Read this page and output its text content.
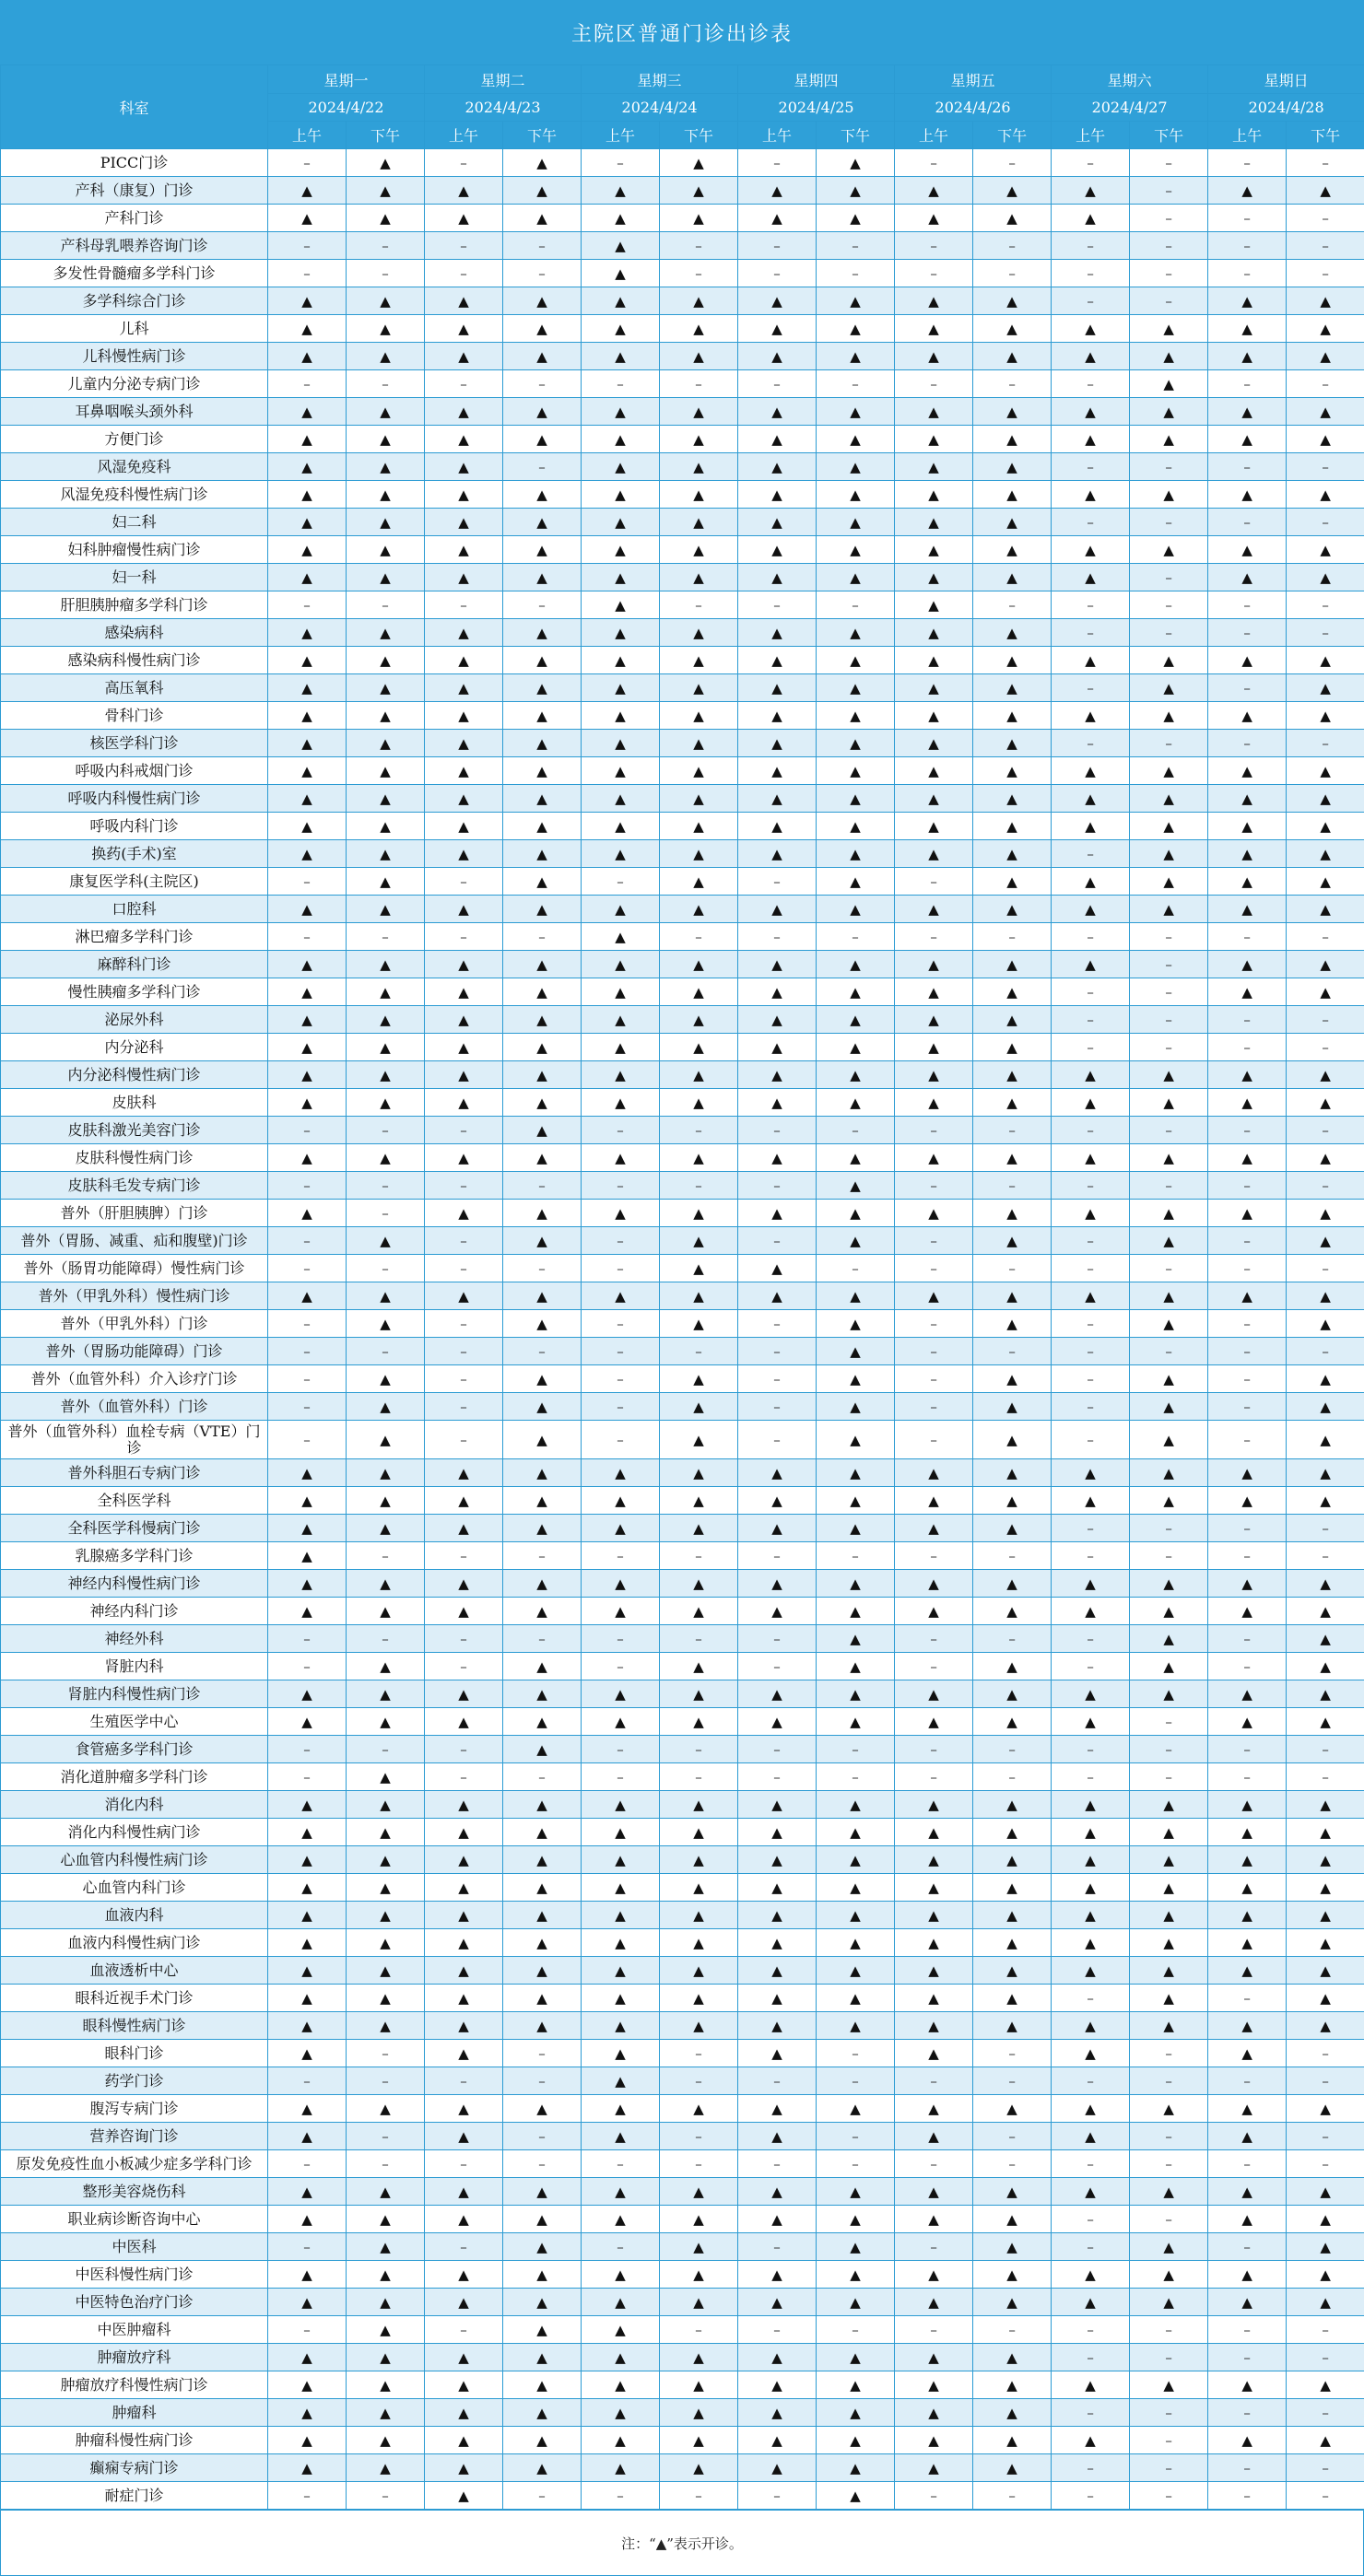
主院区普通门诊出诊表
科室	星期一		星期二		星期三		星期四		星期五		星期六		星期日	
	2024/4/22		2024/4/23		2024/4/24		2024/4/25		2024/4/26		2024/4/27		2024/4/28	
	上午	下午	上午	下午	上午	下午	上午	下午	上午	下午	上午	下午	上午	下午
PICC门诊	–	▲	–	▲	–	▲	–	▲	–	–	–	–	–	–
产科（康复）门诊	▲	▲	▲	▲	▲	▲	▲	▲	▲	▲	▲	–	▲	▲
产科门诊	▲	▲	▲	▲	▲	▲	▲	▲	▲	▲	▲	–	–	–
产科母乳喂养咨询门诊	–	–	–	–	▲	–	–	–	–	–	–	–	–	–
多发性骨髓瘤多学科门诊	–	–	–	–	▲	–	–	–	–	–	–	–	–	–
多学科综合门诊	▲	▲	▲	▲	▲	▲	▲	▲	▲	▲	–	–	▲	▲
儿科	▲	▲	▲	▲	▲	▲	▲	▲	▲	▲	▲	▲	▲	▲
儿科慢性病门诊	▲	▲	▲	▲	▲	▲	▲	▲	▲	▲	▲	▲	▲	▲
儿童内分泌专病门诊	–	–	–	–	–	–	–	–	–	–	–	▲	–	–
耳鼻咽喉头颈外科	▲	▲	▲	▲	▲	▲	▲	▲	▲	▲	▲	▲	▲	▲
方便门诊	▲	▲	▲	▲	▲	▲	▲	▲	▲	▲	▲	▲	▲	▲
风湿免疫科	▲	▲	▲	–	▲	▲	▲	▲	▲	▲	–	–	–	–
风湿免疫科慢性病门诊	▲	▲	▲	▲	▲	▲	▲	▲	▲	▲	▲	▲	▲	▲
妇二科	▲	▲	▲	▲	▲	▲	▲	▲	▲	▲	–	–	–	–
妇科肿瘤慢性病门诊	▲	▲	▲	▲	▲	▲	▲	▲	▲	▲	▲	▲	▲	▲
妇一科	▲	▲	▲	▲	▲	▲	▲	▲	▲	▲	▲	–	▲	▲
肝胆胰肿瘤多学科门诊	–	–	–	–	▲	–	–	–	▲	–	–	–	–	–
感染病科	▲	▲	▲	▲	▲	▲	▲	▲	▲	▲	–	–	–	–
感染病科慢性病门诊	▲	▲	▲	▲	▲	▲	▲	▲	▲	▲	▲	▲	▲	▲
高压氧科	▲	▲	▲	▲	▲	▲	▲	▲	▲	▲	–	▲	–	▲
骨科门诊	▲	▲	▲	▲	▲	▲	▲	▲	▲	▲	▲	▲	▲	▲
核医学科门诊	▲	▲	▲	▲	▲	▲	▲	▲	▲	▲	–	–	–	–
呼吸内科戒烟门诊	▲	▲	▲	▲	▲	▲	▲	▲	▲	▲	▲	▲	▲	▲
呼吸内科慢性病门诊	▲	▲	▲	▲	▲	▲	▲	▲	▲	▲	▲	▲	▲	▲
呼吸内科门诊	▲	▲	▲	▲	▲	▲	▲	▲	▲	▲	▲	▲	▲	▲
换药(手术)室	▲	▲	▲	▲	▲	▲	▲	▲	▲	▲	–	▲	▲	▲
康复医学科(主院区)	–	▲	–	▲	–	▲	–	▲	–	▲	▲	▲	▲	▲
口腔科	▲	▲	▲	▲	▲	▲	▲	▲	▲	▲	▲	▲	▲	▲
淋巴瘤多学科门诊	–	–	–	–	▲	–	–	–	–	–	–	–	–	–
麻醉科门诊	▲	▲	▲	▲	▲	▲	▲	▲	▲	▲	▲	–	▲	▲
慢性胰瘤多学科门诊	▲	▲	▲	▲	▲	▲	▲	▲	▲	▲	–	–	▲	▲
泌尿外科	▲	▲	▲	▲	▲	▲	▲	▲	▲	▲	–	–	–	–
内分泌科	▲	▲	▲	▲	▲	▲	▲	▲	▲	▲	–	–	–	–
内分泌科慢性病门诊	▲	▲	▲	▲	▲	▲	▲	▲	▲	▲	▲	▲	▲	▲
皮肤科	▲	▲	▲	▲	▲	▲	▲	▲	▲	▲	▲	▲	▲	▲
皮肤科激光美容门诊	–	–	–	▲	–	–	–	–	–	–	–	–	–	–
皮肤科慢性病门诊	▲	▲	▲	▲	▲	▲	▲	▲	▲	▲	▲	▲	▲	▲
皮肤科毛发专病门诊	–	–	–	–	–	–	–	▲	–	–	–	–	–	–
普外（肝胆胰脾）门诊	▲	–	▲	▲	▲	▲	▲	▲	▲	▲	▲	▲	▲	▲
普外（胃肠、减重、疝和腹壁)门诊	–	▲	–	▲	–	▲	–	▲	–	▲	–	▲	–	▲
普外（肠胃功能障碍）慢性病门诊	–	–	–	–	–	▲	▲	–	–	–	–	–	–	–
普外（甲乳外科）慢性病门诊	▲	▲	▲	▲	▲	▲	▲	▲	▲	▲	▲	▲	▲	▲
普外（甲乳外科）门诊	–	▲	–	▲	–	▲	–	▲	–	▲	–	▲	–	▲
普外（胃肠功能障碍）门诊	–	–	–	–	–	–	–	▲	–	–	–	–	–	–
普外（血管外科）介入诊疗门诊	–	▲	–	▲	–	▲	–	▲	–	▲	–	▲	–	▲
普外（血管外科）门诊	–	▲	–	▲	–	▲	–	▲	–	▲	–	▲	–	▲
普外（血管外科）血栓专病（VTE）门诊	–	▲	–	▲	–	▲	–	▲	–	▲	–	▲	–	▲
普外科胆石专病门诊	▲	▲	▲	▲	▲	▲	▲	▲	▲	▲	▲	▲	▲	▲
全科医学科	▲	▲	▲	▲	▲	▲	▲	▲	▲	▲	▲	▲	▲	▲
全科医学科慢病门诊	▲	▲	▲	▲	▲	▲	▲	▲	▲	▲	–	–	–	–
乳腺癌多学科门诊	▲	–	–	–	–	–	–	–	–	–	–	–	–	–
神经内科慢性病门诊	▲	▲	▲	▲	▲	▲	▲	▲	▲	▲	▲	▲	▲	▲
神经内科门诊	▲	▲	▲	▲	▲	▲	▲	▲	▲	▲	▲	▲	▲	▲
神经外科	–	–	–	–	–	–	–	▲	–	–	–	▲	–	▲
肾脏内科	–	▲	–	▲	–	▲	–	▲	–	▲	–	▲	–	▲
肾脏内科慢性病门诊	▲	▲	▲	▲	▲	▲	▲	▲	▲	▲	▲	▲	▲	▲
生殖医学中心	▲	▲	▲	▲	▲	▲	▲	▲	▲	▲	▲	–	▲	▲
食管癌多学科门诊	–	–	–	▲	–	–	–	–	–	–	–	–	–	–
消化道肿瘤多学科门诊	–	▲	–	–	–	–	–	–	–	–	–	–	–	–
消化内科	▲	▲	▲	▲	▲	▲	▲	▲	▲	▲	▲	▲	▲	▲
消化内科慢性病门诊	▲	▲	▲	▲	▲	▲	▲	▲	▲	▲	▲	▲	▲	▲
心血管内科慢性病门诊	▲	▲	▲	▲	▲	▲	▲	▲	▲	▲	▲	▲	▲	▲
心血管内科门诊	▲	▲	▲	▲	▲	▲	▲	▲	▲	▲	▲	▲	▲	▲
血液内科	▲	▲	▲	▲	▲	▲	▲	▲	▲	▲	▲	▲	▲	▲
血液内科慢性病门诊	▲	▲	▲	▲	▲	▲	▲	▲	▲	▲	▲	▲	▲	▲
血液透析中心	▲	▲	▲	▲	▲	▲	▲	▲	▲	▲	▲	▲	▲	▲
眼科近视手术门诊	▲	▲	▲	▲	▲	▲	▲	▲	▲	▲	–	▲	–	▲
眼科慢性病门诊	▲	▲	▲	▲	▲	▲	▲	▲	▲	▲	▲	▲	▲	▲
眼科门诊	▲	–	▲	–	▲	–	▲	–	▲	–	▲	–	▲	–
药学门诊	–	–	–	–	▲	–	–	–	–	–	–	–	–	–
腹泻专病门诊	▲	▲	▲	▲	▲	▲	▲	▲	▲	▲	▲	▲	▲	▲
营养咨询门诊	▲	–	▲	–	▲	–	▲	–	▲	–	▲	–	▲	–
原发免疫性血小板减少症多学科门诊	–	–	–	–	–	–	–	–	–	–	–	–	–	–
整形美容烧伤科	▲	▲	▲	▲	▲	▲	▲	▲	▲	▲	▲	▲	▲	▲
职业病诊断咨询中心	▲	▲	▲	▲	▲	▲	▲	▲	▲	▲	–	–	▲	▲
中医科	–	▲	–	▲	–	▲	–	▲	–	▲	–	▲	–	▲
中医科慢性病门诊	▲	▲	▲	▲	▲	▲	▲	▲	▲	▲	▲	▲	▲	▲
中医特色治疗门诊	▲	▲	▲	▲	▲	▲	▲	▲	▲	▲	▲	▲	▲	▲
中医肿瘤科	–	▲	–	▲	▲	–	–	–	–	–	–	–	–	–
肿瘤放疗科	▲	▲	▲	▲	▲	▲	▲	▲	▲	▲	–	–	–	–
肿瘤放疗科慢性病门诊	▲	▲	▲	▲	▲	▲	▲	▲	▲	▲	▲	▲	▲	▲
肿瘤科	▲	▲	▲	▲	▲	▲	▲	▲	▲	▲	–	–	–	–
肿瘤科慢性病门诊	▲	▲	▲	▲	▲	▲	▲	▲	▲	▲	▲	–	▲	▲
癫痫专病门诊	▲	▲	▲	▲	▲	▲	▲	▲	▲	▲	–	–	–	–
耐症门诊	–	–	▲	–	–	–	–	▲	–	–	–	–	–	–
注：“▲”表示开诊。
